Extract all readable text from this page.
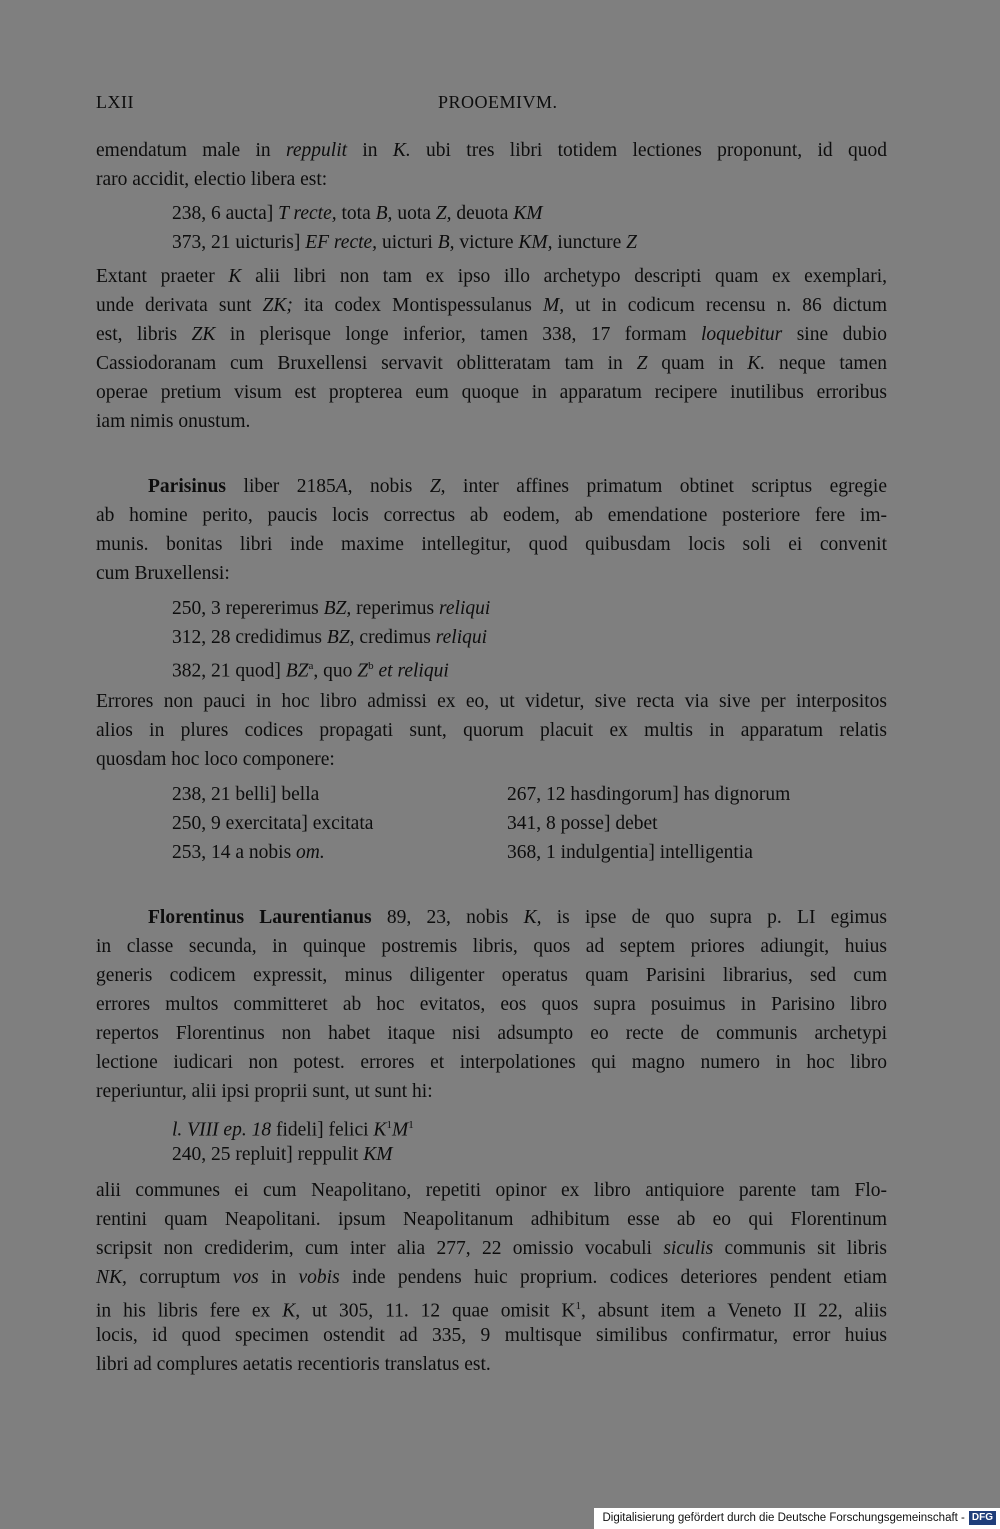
LXII	PROOEMIVM.
emendatum male in reppulit in K. ubi tres libri totidem lectiones proponunt, id quod
raro accidit, electio libera est:
238, 6 aucta] T recte, tota B, uota Z, deuota KM
373, 21 uicturis] EF recte, uicturi B, victure KM, iuncture Z
Extant praeter K alii libri non tam ex ipso illo archetypo descripti quam ex exemplari,
unde derivata sunt ZK; ita codex Montispessulanus M, ut in codicum recensu n. 86 dictum
est, libris ZK in plerisque longe inferior, tamen 338, 17 formam loquebitur sine dubio
Cassiodoranam cum Bruxellensi servavit oblitteratam tam in Z quam in K. neque tamen
operae pretium visum est propterea eum quoque in apparatum recipere inutilibus erroribus
iam nimis onustum.
Parisinus liber 2185A, nobis Z, inter affines primatum obtinet scriptus egregie
ab homine perito, paucis locis correctus ab eodem, ab emendatione posteriore fere im-
munis. bonitas libri inde maxime intellegitur, quod quibusdam locis soli ei convenit
cum Bruxellensi:
250, 3 repererimus BZ, reperimus reliqui
312, 28 credidimus BZ, credimus reliqui
382, 21 quod] $BZ^a$, quo $Z^b$ et reliqui
Errores non pauci in hoc libro admissi ex eo, ut videtur, sive recta via sive per interpositos
alios in plures codices propagati sunt, quorum placuit ex multis in apparatum relatis
quosdam hoc loco componere:
238, 21 belli] bella
250, 9 exercitata] excitata
253, 14 a nobis om.
267, 12 hasdingorum] has dignorum
341, 8 posse] debet
368, 1 indulgentia] intelligentia
Florentinus Laurentianus 89, 23, nobis K, is ipse de quo supra p. LI egimus
in classe secunda, in quinque postremis libris, quos ad septem priores adiungit, huius
generis codicem expressit, minus diligenter operatus quam Parisini librarius, sed cum
errores multos committeret ab hoc evitatos, eos quos supra posuimus in Parisino libro
repertos Florentinus non habet itaque nisi adsumpto eo recte de communis archetypi
lectione iudicari non potest. errores et interpolationes qui magno numero in hoc libro
reperiuntur, alii ipsi proprii sunt, ut sunt hi:
l. VIII ep. 18 fideli] felici $K^1M^1$
240, 25 repluit] reppulit KM
alii communes ei cum Neapolitano, repetiti opinor ex libro antiquiore parente tam Flo-
rentini quam Neapolitani. ipsum Neapolitanum adhibitum esse ab eo qui Florentinum
scripsit non crediderim, cum inter alia 277, 22 omissio vocabuli siculis communis sit libris
NK, corruptum vos in vobis inde pendens huic proprium. codices deteriores pendent etiam
in his libris fere ex K, ut 305, 11. 12 quae omisit $K^1$, absunt item a Veneto II 22, aliis
locis, id quod specimen ostendit ad 335, 9 multisque similibus confirmatur, error huius
libri ad complures aetatis recentioris translatus est.
Digitalisierung gefördert durch die Deutsche Forschungsgemeinschaft - DFG
